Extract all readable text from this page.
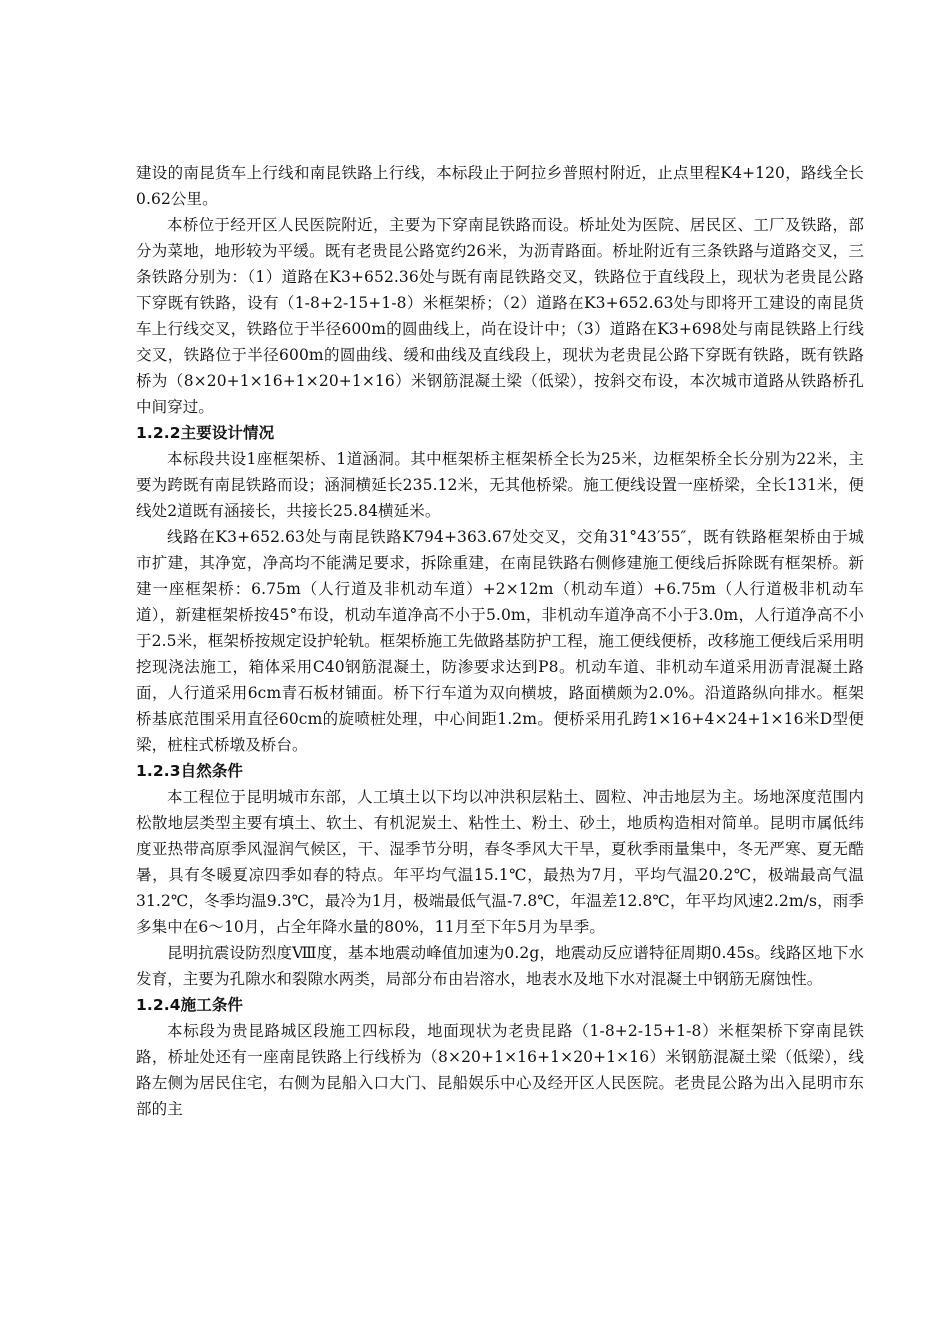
建设的南昆货车上行线和南昆铁路上行线，本标段止于阿拉乡普照村附近，止点里程K4+120，路线全长0.62公里。

本桥位于经开区人民医院附近，主要为下穿南昆铁路而设。桥址处为医院、居民区、工厂及铁路，部分为菜地，地形较为平缓。既有老贵昆公路宽约26米，为沥青路面。桥址附近有三条铁路与道路交叉，三条铁路分别为：（1）道路在K3+652.36处与既有南昆铁路交叉，铁路位于直线段上，现状为老贵昆公路下穿既有铁路，设有（1-8+2-15+1-8）米框架桥；（2）道路在K3+652.63处与即将开工建设的南昆货车上行线交叉，铁路位于半径600m的圆曲线上，尚在设计中；（3）道路在K3+698处与南昆铁路上行线交叉，铁路位于半径600m的圆曲线、缓和曲线及直线段上，现状为老贵昆公路下穿既有铁路，既有铁路桥为（8×20+1×16+1×20+1×16）米钢筋混凝土梁（低梁），按斜交布设，本次城市道路从铁路桥孔中间穿过。

1.2.2主要设计情况

本标段共设1座框架桥、1道涵洞。其中框架桥主框架桥全长为25米，边框架桥全长分别为22米，主要为跨既有南昆铁路而设；涵洞横延长235.12米，无其他桥梁。施工便线设置一座桥梁，全长131米，便线处2道既有涵接长，共接长25.84横延米。

线路在K3+652.63处与南昆铁路K794+363.67处交叉，交角31°43′55″，既有铁路框架桥由于城市扩建，其净宽，净高均不能满足要求，拆除重建，在南昆铁路右侧修建施工便线后拆除既有框架桥。新建一座框架桥：6.75m（人行道及非机动车道）+2×12m（机动车道）+6.75m（人行道极非机动车道），新建框架桥按45°布设，机动车道净高不小于5.0m，非机动车道净高不小于3.0m，人行道净高不小于2.5米，框架桥按规定设护轮轨。框架桥施工先做路基防护工程，施工便线便桥，改移施工便线后采用明挖现浇法施工，箱体采用C40钢筋混凝土，防渗要求达到P8。机动车道、非机动车道采用沥青混凝土路面，人行道采用6cm青石板材铺面。桥下行车道为双向横坡，路面横颇为2.0%。沿道路纵向排水。框架桥基底范围采用直径60cm的旋喷桩处理，中心间距1.2m。便桥采用孔跨1×16+4×24+1×16米D型便梁，桩柱式桥墩及桥台。

1.2.3自然条件

本工程位于昆明城市东部，人工填土以下均以冲洪积层粘土、圆粒、冲击地层为主。场地深度范围内松散地层类型主要有填土、软土、有机泥炭土、粘性土、粉土、砂土，地质构造相对简单。昆明市属低纬度亚热带高原季风湿润气候区，干、湿季节分明，春冬季风大干旱，夏秋季雨量集中，冬无严寒、夏无酷暑，具有冬暖夏凉四季如春的特点。年平均气温15.1℃，最热为7月，平均气温20.2℃，极端最高气温31.2℃，冬季均温9.3℃，最冷为1月，极端最低气温-7.8℃，年温差12.8℃，年平均风速2.2m/s，雨季多集中在6～10月，占全年降水量的80%，11月至下年5月为旱季。

昆明抗震设防烈度Ⅷ度，基本地震动峰值加速为0.2g，地震动反应谱特征周期0.45s。线路区地下水发育，主要为孔隙水和裂隙水两类，局部分布由岩溶水，地表水及地下水对混凝土中钢筋无腐蚀性。

1.2.4施工条件

本标段为贵昆路城区段施工四标段，地面现状为老贵昆路（1-8+2-15+1-8）米框架桥下穿南昆铁路，桥址处还有一座南昆铁路上行线桥为（8×20+1×16+1×20+1×16）米钢筋混凝土梁（低梁），线路左侧为居民住宅，右侧为昆船入口大门、昆船娱乐中心及经开区人民医院。老贵昆公路为出入昆明市东部的主
